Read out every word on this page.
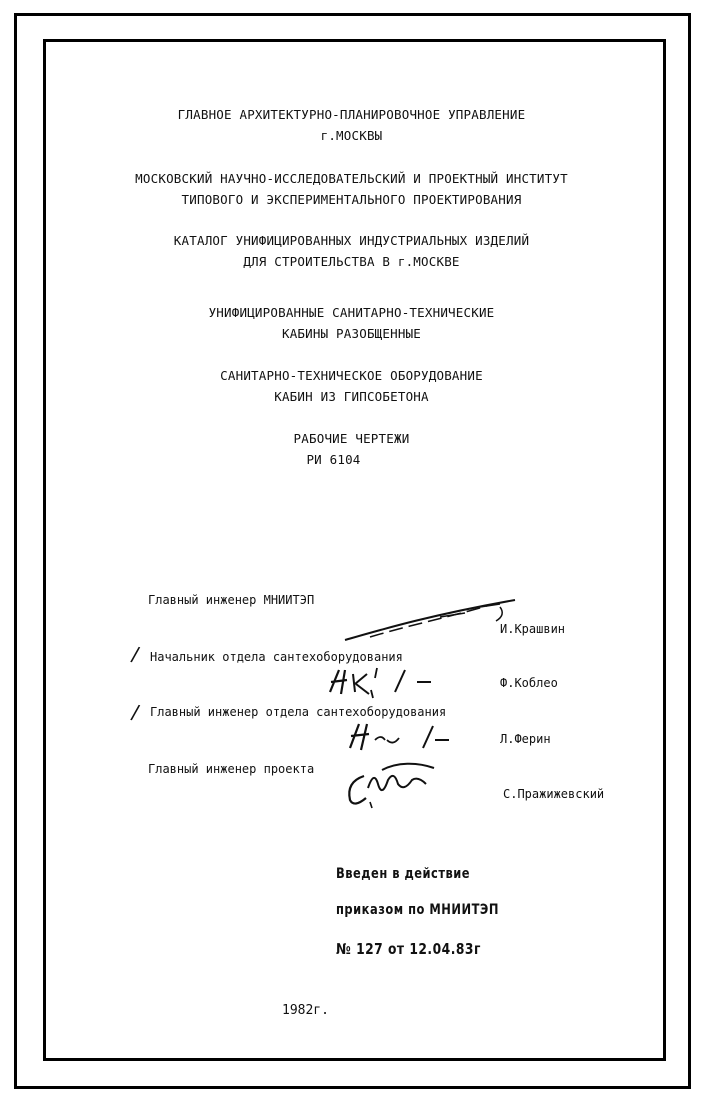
ГЛАВНОЕ АРХИТЕКТУРНО-ПЛАНИРОВОЧНОЕ УПРАВЛЕНИЕ
г.МОСКВЫ
МОСКОВСКИЙ НАУЧНО-ИССЛЕДОВАТЕЛЬСКИЙ И ПРОЕКТНЫЙ ИНСТИТУТ
ТИПОВОГО И ЭКСПЕРИМЕНТАЛЬНОГО ПРОЕКТИРОВАНИЯ
КАТАЛОГ УНИФИЦИРОВАННЫХ ИНДУСТРИАЛЬНЫХ ИЗДЕЛИЙ
ДЛЯ СТРОИТЕЛЬСТВА В г.МОСКВЕ
УНИФИЦИРОВАННЫЕ САНИТАРНО-ТЕХНИЧЕСКИЕ
КАБИНЫ РАЗОБЩЕННЫЕ
САНИТАРНО-ТЕХНИЧЕСКОЕ ОБОРУДОВАНИЕ
КАБИН ИЗ ГИПСОБЕТОНА
РАБОЧИЕ ЧЕРТЕЖИ
РИ 6104
Главный инженер МНИИТЭП
И.Крашвин
/ Начальник отдела сантехоборудования
Ф.Коблео
/ Главный инженер отдела сантехоборудования
Л.Ферин
Главный инженер проекта
С.Пражижевский
Введен в действие
приказом по МНИИТЭП
№ 127 от 12.04.83г
1982г.
